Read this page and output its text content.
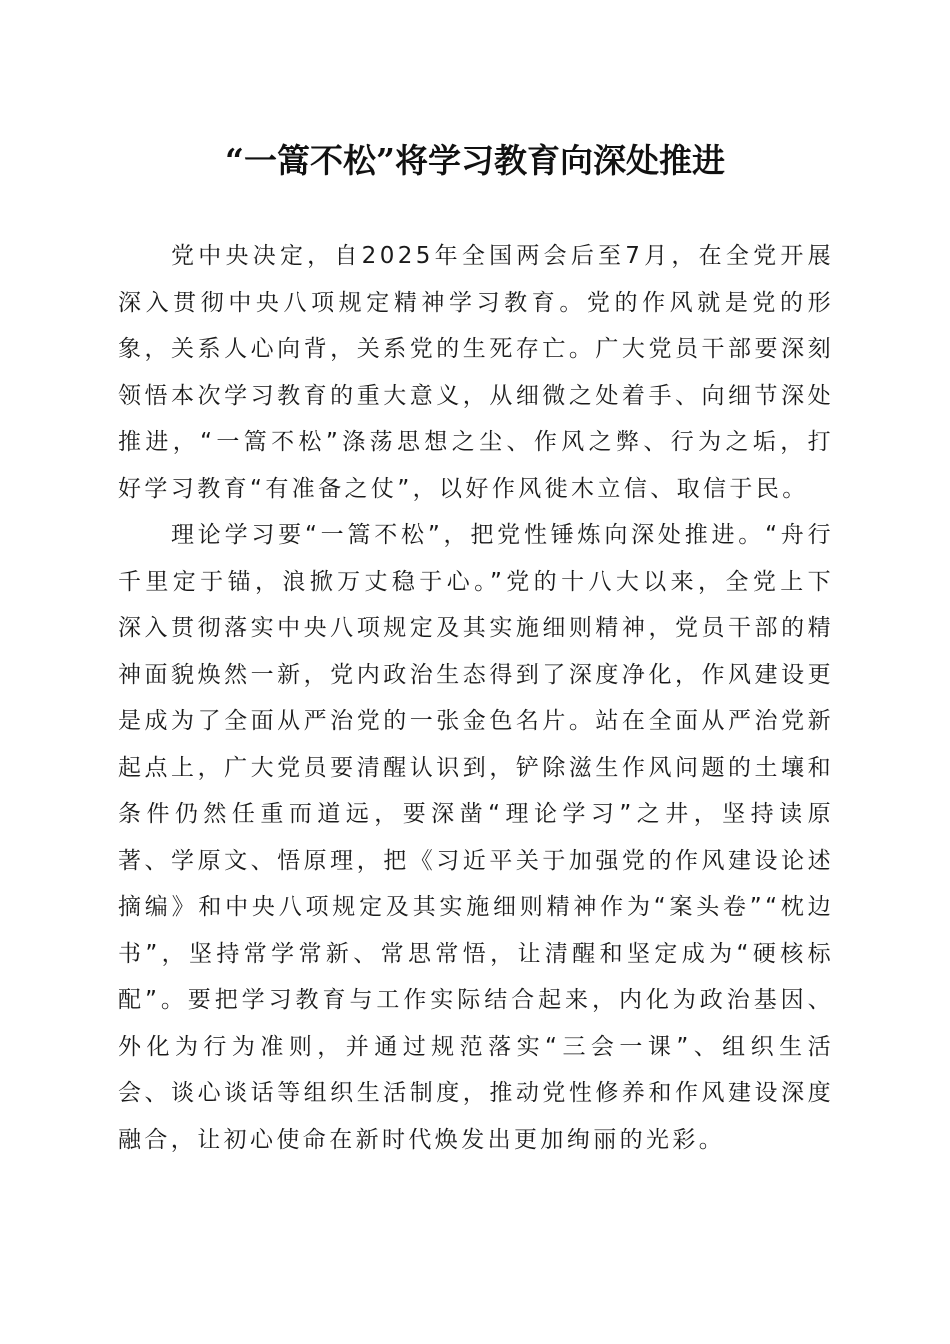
“一篙不松”将学习教育向深处推进

党中央决定，自2025年全国两会后至7月，在全党开展深入贯彻中央八项规定精神学习教育。党的作风就是党的形象，关系人心向背，关系党的生死存亡。广大党员干部要深刻领悟本次学习教育的重大意义，从细微之处着手、向细节深处推进，“一篙不松”涤荡思想之尘、作风之弊、行为之垢，打好学习教育“有准备之仗”，以好作风徙木立信、取信于民。

理论学习要“一篙不松”，把党性锤炼向深处推进。“舟行千里定于锚，浪掀万丈稳于心。”党的十八大以来，全党上下深入贯彻落实中央八项规定及其实施细则精神，党员干部的精神面貌焕然一新，党内政治生态得到了深度净化，作风建设更是成为了全面从严治党的一张金色名片。站在全面从严治党新起点上，广大党员要清醒认识到，铲除滋生作风问题的土壤和条件仍然任重而道远，要深凿“理论学习”之井，坚持读原著、学原文、悟原理，把《习近平关于加强党的作风建设论述摘编》和中央八项规定及其实施细则精神作为“案头卷”“枕边书”，坚持常学常新、常思常悟，让清醒和坚定成为“硬核标配”。要把学习教育与工作实际结合起来，内化为政治基因、外化为行为准则，并通过规范落实“三会一课”、组织生活会、谈心谈话等组织生活制度，推动党性修养和作风建设深度融合，让初心使命在新时代焕发出更加绚丽的光彩。
